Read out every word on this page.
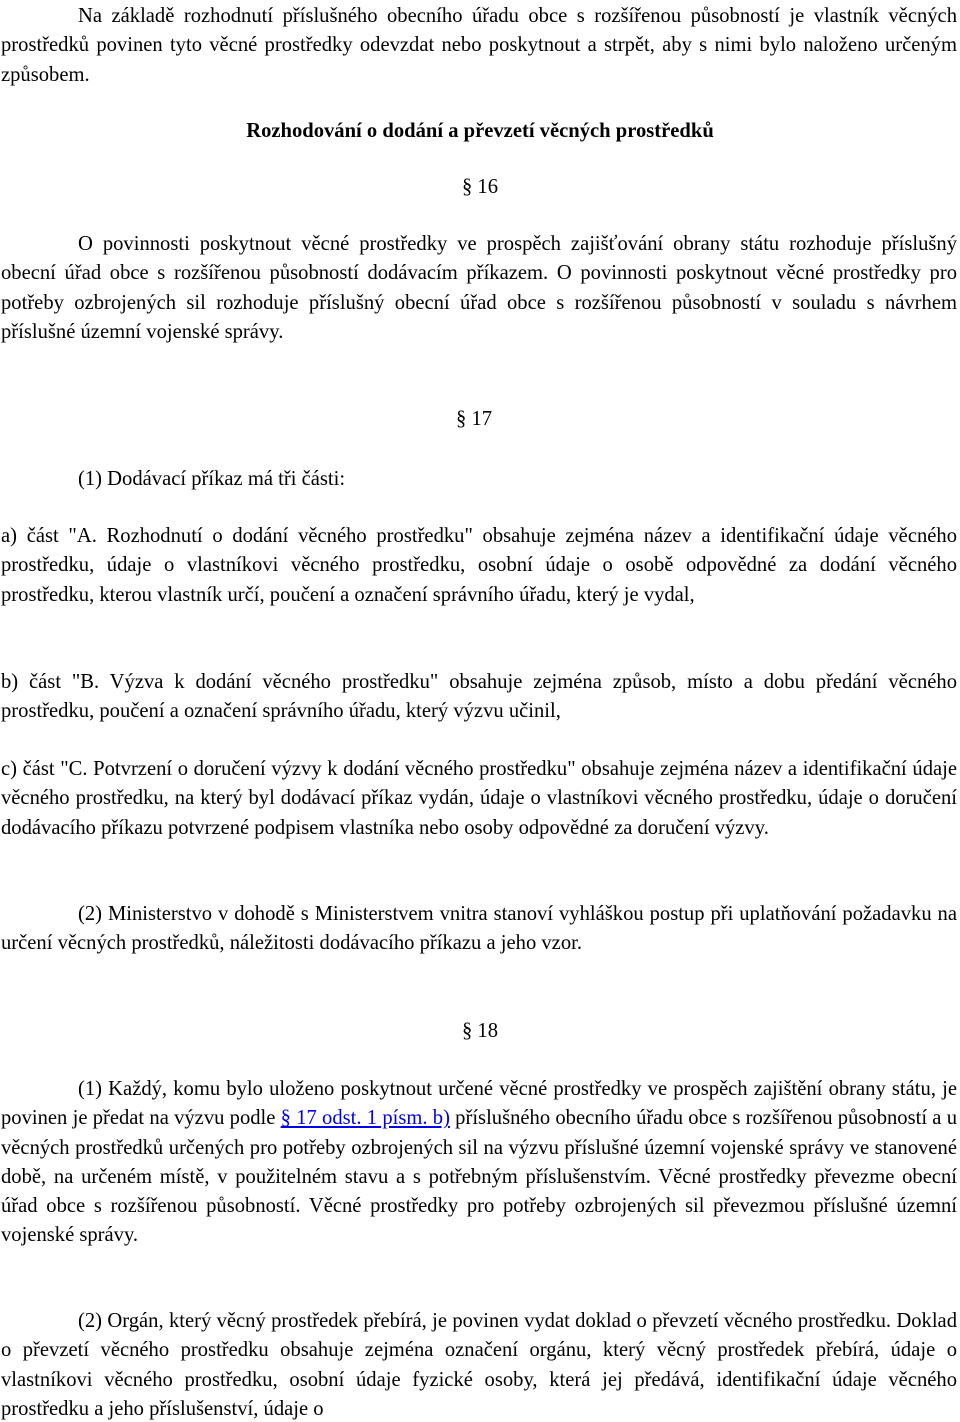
Na základě rozhodnutí příslušného obecního úřadu obce s rozšířenou působností je vlastník věcných prostředků povinen tyto věcné prostředky odevzdat nebo poskytnout a strpět, aby s nimi bylo naloženo určeným způsobem.

Rozhodování o dodání a převzetí věcných prostředků

§ 16

O povinnosti poskytnout věcné prostředky ve prospěch zajišťování obrany státu rozhoduje příslušný obecní úřad obce s rozšířenou působností dodávacím příkazem. O povinnosti poskytnout věcné prostředky pro potřeby ozbrojených sil rozhoduje příslušný obecní úřad obce s rozšířenou působností v souladu s návrhem příslušné územní vojenské správy.

§ 17

(1) Dodávací příkaz má tři části:

a) část "A. Rozhodnutí o dodání věcného prostředku" obsahuje zejména název a identifikační údaje věcného prostředku, údaje o vlastníkovi věcného prostředku, osobní údaje o osobě odpovědné za dodání věcného prostředku, kterou vlastník určí, poučení a označení správního úřadu, který je vydal,

b) část "B. Výzva k dodání věcného prostředku" obsahuje zejména způsob, místo a dobu předání věcného prostředku, poučení a označení správního úřadu, který výzvu učinil,

c) část "C. Potvrzení o doručení výzvy k dodání věcného prostředku" obsahuje zejména název a identifikační údaje věcného prostředku, na který byl dodávací příkaz vydán, údaje o vlastníkovi věcného prostředku, údaje o doručení dodávacího příkazu potvrzené podpisem vlastníka nebo osoby odpovědné za doručení výzvy.

(2) Ministerstvo v dohodě s Ministerstvem vnitra stanoví vyhláškou postup při uplatňování požadavku na určení věcných prostředků, náležitosti dodávacího příkazu a jeho vzor.

§ 18

(1) Každý, komu bylo uloženo poskytnout určené věcné prostředky ve prospěch zajištění obrany státu, je povinen je předat na výzvu podle § 17 odst. 1 písm. b) příslušného obecního úřadu obce s rozšířenou působností a u věcných prostředků určených pro potřeby ozbrojených sil na výzvu příslušné územní vojenské správy ve stanovené době, na určeném místě, v použitelném stavu a s potřebným příslušenstvím. Věcné prostředky převezme obecní úřad obce s rozšířenou působností. Věcné prostředky pro potřeby ozbrojených sil převezmou příslušné územní vojenské správy.

(2) Orgán, který věcný prostředek přebírá, je povinen vydat doklad o převzetí věcného prostředku. Doklad o převzetí věcného prostředku obsahuje zejména označení orgánu, který věcný prostředek přebírá, údaje o vlastníkovi věcného prostředku, osobní údaje fyzické osoby, která jej předává, identifikační údaje věcného prostředku a jeho příslušenství, údaje o
